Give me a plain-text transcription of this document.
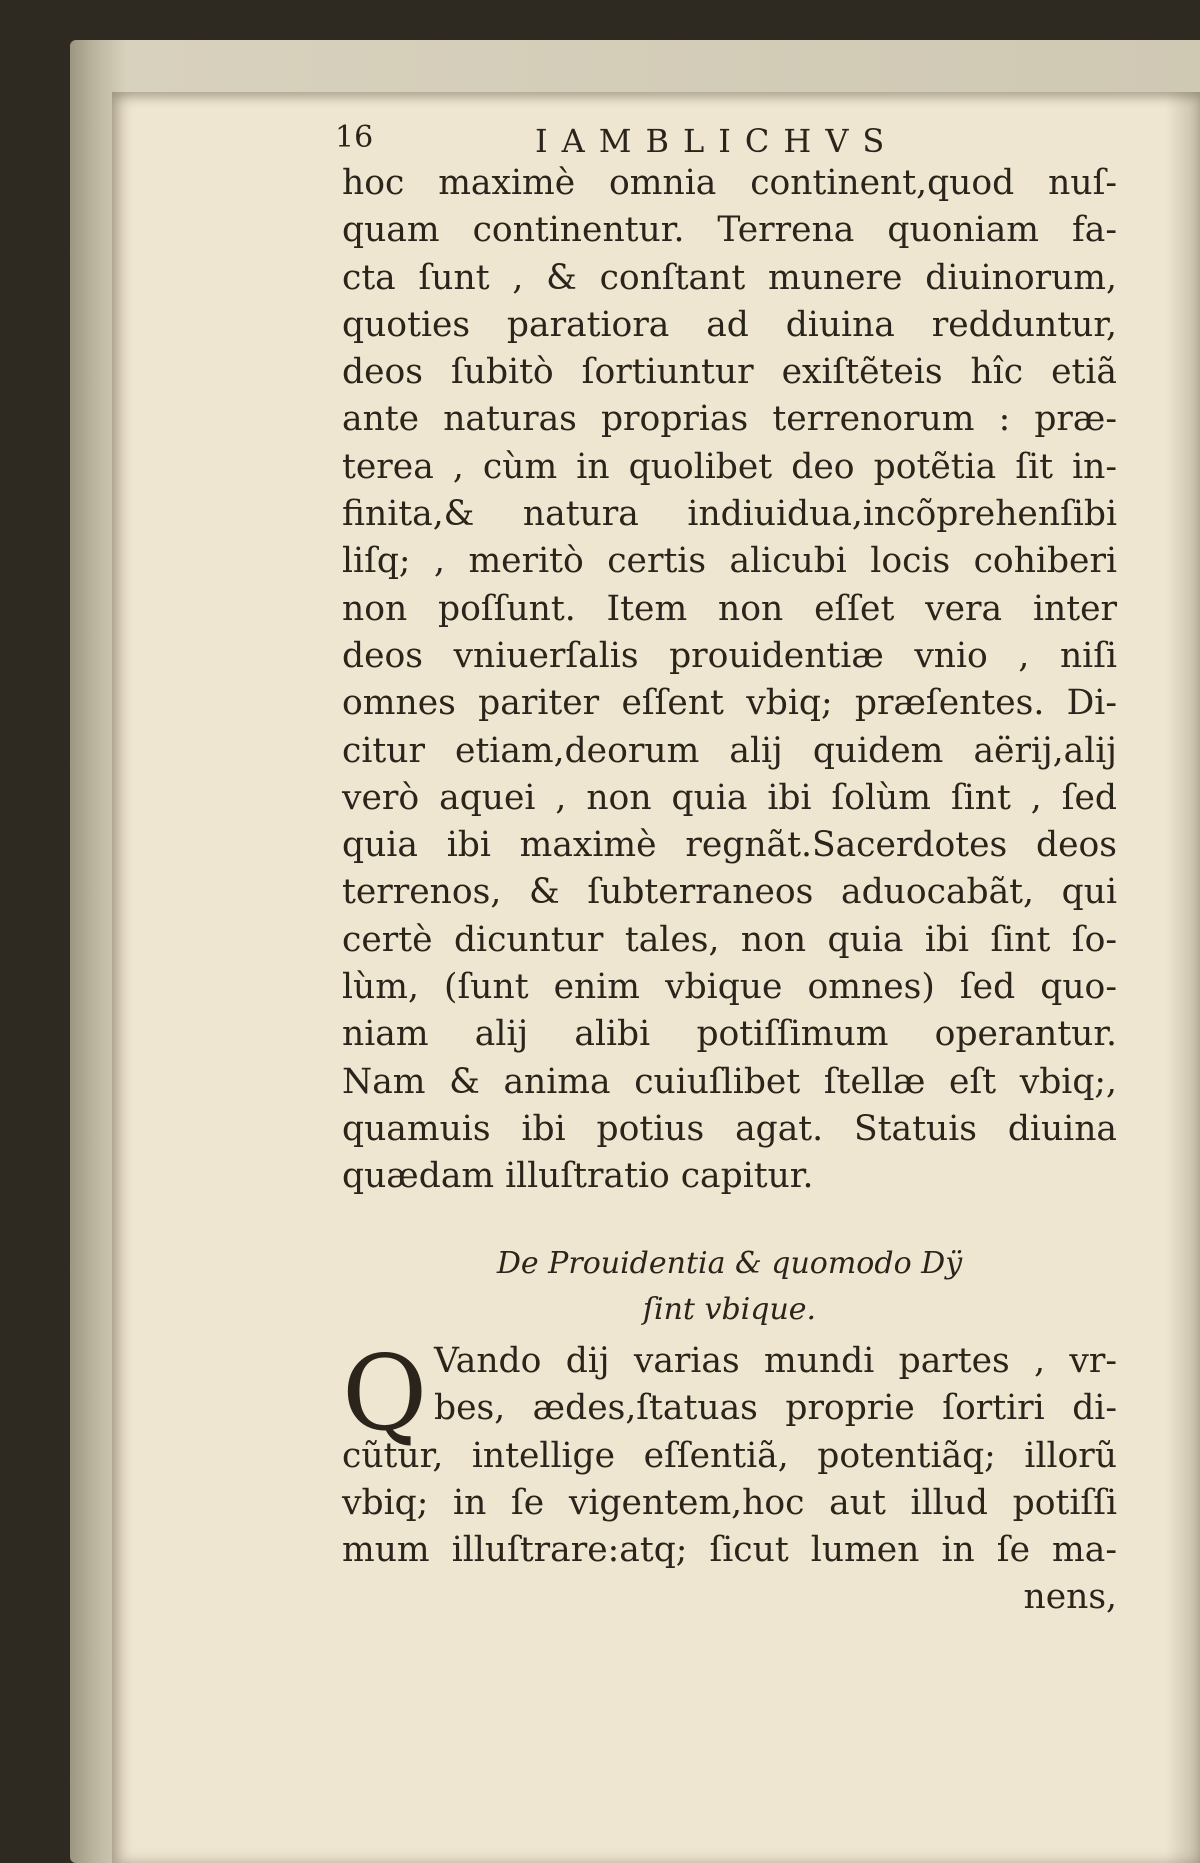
16	IAMBLICHVS
hoc maximè omnia continent,quod nuſ-
quam continentur. Terrena quoniam fa-
cta ſunt , & conſtant munere diuinorum,
quoties paratiora ad diuina redduntur,
deos ſubitò ſortiuntur exiſtẽteis hîc etiã
ante naturas proprias terrenorum : præ-
terea , cùm in quolibet deo potẽtia ſit in-
finita,& natura indiuidua,incõprehenſibi
liſq; , meritò certis alicubi locis cohiberi
non poſſunt. Item non eſſet vera inter
deos vniuerſalis prouidentiæ vnio , niſi
omnes pariter eſſent vbiq; præſentes. Di-
citur etiam,deorum alij quidem aërij,alij
verò aquei , non quia ibi ſolùm ſint , ſed
quia ibi maximè regnãt.Sacerdotes deos
terrenos, & ſubterraneos aduocabãt, qui
certè dicuntur tales, non quia ibi ſint ſo-
lùm, (ſunt enim vbique omnes) ſed quo-
niam alij alibi potiſſimum operantur.
Nam & anima cuiuſlibet ſtellæ eſt vbiq;,
quamuis ibi potius agat. Statuis diuina
quædam illuſtratio capitur.
De Prouidentia & quomodo Dÿ
ſint vbique.
Q Vando dij varias mundi partes , vr-
bes, ædes,ſtatuas proprie ſortiri di-
cũtur, intellige eſſentiã, potentiãq; illorũ
vbiq; in ſe vigentem,hoc aut illud potiſſi
mum illuſtrare:atq; ſicut lumen in ſe ma-
nens,
